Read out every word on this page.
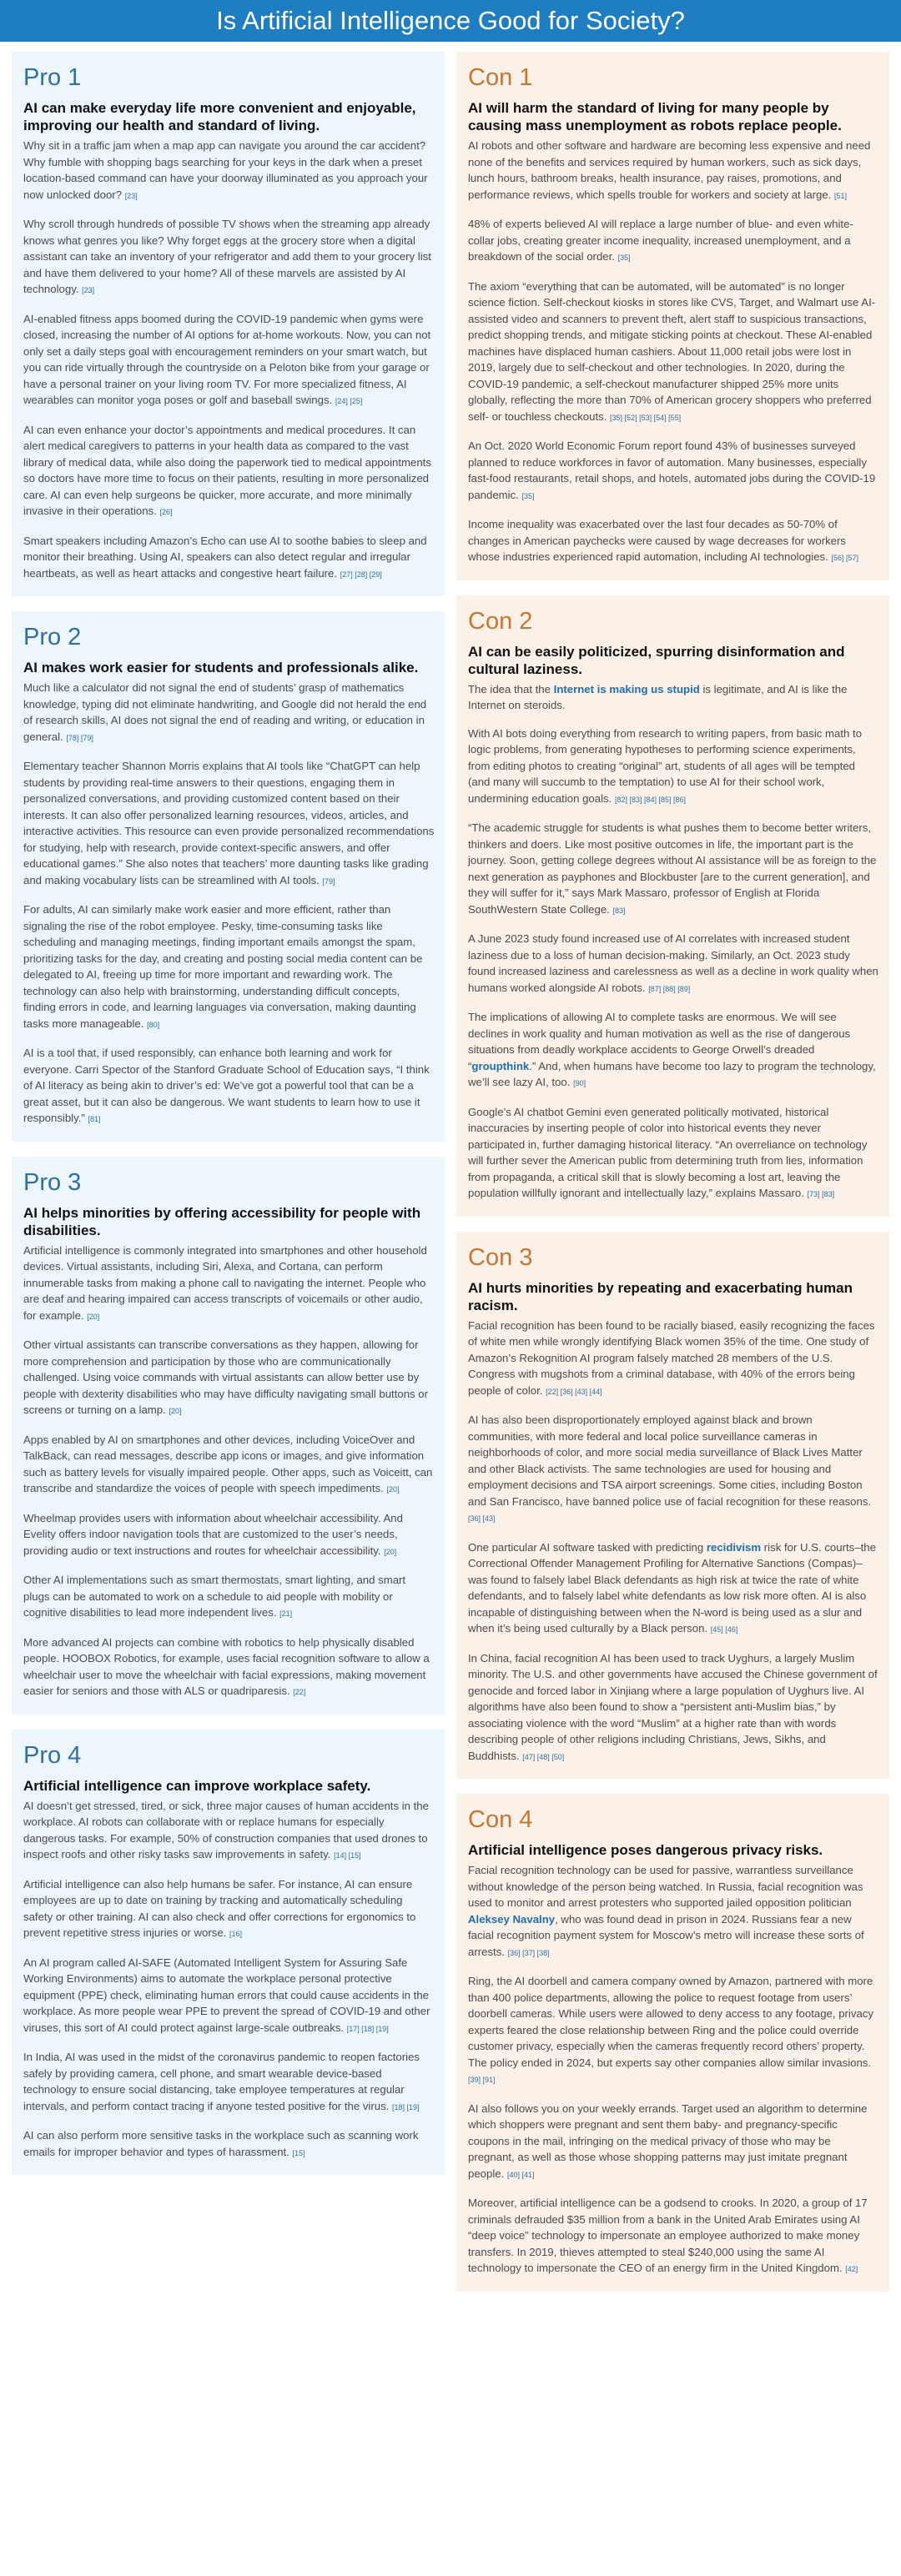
Is Artificial Intelligence Good for Society?
Pro 1
AI can make everyday life more convenient and enjoyable, improving our health and standard of living.

Why sit in a traffic jam when a map app can navigate you around the car accident? Why fumble with shopping bags searching for your keys in the dark when a preset location-based command can have your doorway illuminated as you approach your now unlocked door? [23]

Why scroll through hundreds of possible TV shows when the streaming app already knows what genres you like? Why forget eggs at the grocery store when a digital assistant can take an inventory of your refrigerator and add them to your grocery list and have them delivered to your home? All of these marvels are assisted by AI technology. [23]

AI-enabled fitness apps boomed during the COVID-19 pandemic when gyms were closed, increasing the number of AI options for at-home workouts. Now, you can not only set a daily steps goal with encouragement reminders on your smart watch, but you can ride virtually through the countryside on a Peloton bike from your garage or have a personal trainer on your living room TV. For more specialized fitness, AI wearables can monitor yoga poses or golf and baseball swings. [24] [25]

AI can even enhance your doctor’s appointments and medical procedures. It can alert medical caregivers to patterns in your health data as compared to the vast library of medical data, while also doing the paperwork tied to medical appointments so doctors have more time to focus on their patients, resulting in more personalized care. AI can even help surgeons be quicker, more accurate, and more minimally invasive in their operations. [26]

Smart speakers including Amazon’s Echo can use AI to soothe babies to sleep and monitor their breathing. Using AI, speakers can also detect regular and irregular heartbeats, as well as heart attacks and congestive heart failure. [27] [28] [29]

Pro 2
AI makes work easier for students and professionals alike.

Much like a calculator did not signal the end of students’ grasp of mathematics knowledge, typing did not eliminate handwriting, and Google did not herald the end of research skills, AI does not signal the end of reading and writing, or education in general. [78] [79]

Elementary teacher Shannon Morris explains that AI tools like “ChatGPT can help students by providing real-time answers to their questions, engaging them in personalized conversations, and providing customized content based on their interests. It can also offer personalized learning resources, videos, articles, and interactive activities. This resource can even provide personalized recommendations for studying, help with research, provide context-specific answers, and offer educational games.” She also notes that teachers’ more daunting tasks like grading and making vocabulary lists can be streamlined with AI tools. [79]

For adults, AI can similarly make work easier and more efficient, rather than signaling the rise of the robot employee. Pesky, time-consuming tasks like scheduling and managing meetings, finding important emails amongst the spam, prioritizing tasks for the day, and creating and posting social media content can be delegated to AI, freeing up time for more important and rewarding work. The technology can also help with brainstorming, understanding difficult concepts, finding errors in code, and learning languages via conversation, making daunting tasks more manageable. [80]

AI is a tool that, if used responsibly, can enhance both learning and work for everyone. Carri Spector of the Stanford Graduate School of Education says, “I think of AI literacy as being akin to driver’s ed: We’ve got a powerful tool that can be a great asset, but it can also be dangerous. We want students to learn how to use it responsibly.” [81]

Pro 3
AI helps minorities by offering accessibility for people with disabilities.

Artificial intelligence is commonly integrated into smartphones and other household devices. Virtual assistants, including Siri, Alexa, and Cortana, can perform innumerable tasks from making a phone call to navigating the internet. People who are deaf and hearing impaired can access transcripts of voicemails or other audio, for example. [20]

Other virtual assistants can transcribe conversations as they happen, allowing for more comprehension and participation by those who are communicationally challenged. Using voice commands with virtual assistants can allow better use by people with dexterity disabilities who may have difficulty navigating small buttons or screens or turning on a lamp. [20]

Apps enabled by AI on smartphones and other devices, including VoiceOver and TalkBack, can read messages, describe app icons or images, and give information such as battery levels for visually impaired people. Other apps, such as Voiceitt, can transcribe and standardize the voices of people with speech impediments. [20]

Wheelmap provides users with information about wheelchair accessibility. And Evelity offers indoor navigation tools that are customized to the user’s needs, providing audio or text instructions and routes for wheelchair accessibility. [20]

Other AI implementations such as smart thermostats, smart lighting, and smart plugs can be automated to work on a schedule to aid people with mobility or cognitive disabilities to lead more independent lives. [21]

More advanced AI projects can combine with robotics to help physically disabled people. HOOBOX Robotics, for example, uses facial recognition software to allow a wheelchair user to move the wheelchair with facial expressions, making movement easier for seniors and those with ALS or quadriparesis. [22]

Pro 4
Artificial intelligence can improve workplace safety.

AI doesn’t get stressed, tired, or sick, three major causes of human accidents in the workplace. AI robots can collaborate with or replace humans for especially dangerous tasks. For example, 50% of construction companies that used drones to inspect roofs and other risky tasks saw improvements in safety. [14] [15]

Artificial intelligence can also help humans be safer. For instance, AI can ensure employees are up to date on training by tracking and automatically scheduling safety or other training. AI can also check and offer corrections for ergonomics to prevent repetitive stress injuries or worse. [16]

An AI program called AI-SAFE (Automated Intelligent System for Assuring Safe Working Environments) aims to automate the workplace personal protective equipment (PPE) check, eliminating human errors that could cause accidents in the workplace. As more people wear PPE to prevent the spread of COVID-19 and other viruses, this sort of AI could protect against large-scale outbreaks. [17] [18] [19]

In India, AI was used in the midst of the coronavirus pandemic to reopen factories safely by providing camera, cell phone, and smart wearable device-based technology to ensure social distancing, take employee temperatures at regular intervals, and perform contact tracing if anyone tested positive for the virus. [18] [19]

AI can also perform more sensitive tasks in the workplace such as scanning work emails for improper behavior and types of harassment. [15]

Con 1
AI will harm the standard of living for many people by causing mass unemployment as robots replace people.

AI robots and other software and hardware are becoming less expensive and need none of the benefits and services required by human workers, such as sick days, lunch hours, bathroom breaks, health insurance, pay raises, promotions, and performance reviews, which spells trouble for workers and society at large. [51]

48% of experts believed AI will replace a large number of blue- and even white-collar jobs, creating greater income inequality, increased unemployment, and a breakdown of the social order. [35]

The axiom “everything that can be automated, will be automated” is no longer science fiction. Self-checkout kiosks in stores like CVS, Target, and Walmart use AI-assisted video and scanners to prevent theft, alert staff to suspicious transactions, predict shopping trends, and mitigate sticking points at checkout. These AI-enabled machines have displaced human cashiers. About 11,000 retail jobs were lost in 2019, largely due to self-checkout and other technologies. In 2020, during the COVID-19 pandemic, a self-checkout manufacturer shipped 25% more units globally, reflecting the more than 70% of American grocery shoppers who preferred self- or touchless checkouts. [35] [52] [53] [54] [55]

An Oct. 2020 World Economic Forum report found 43% of businesses surveyed planned to reduce workforces in favor of automation. Many businesses, especially fast-food restaurants, retail shops, and hotels, automated jobs during the COVID-19 pandemic. [35]

Income inequality was exacerbated over the last four decades as 50-70% of changes in American paychecks were caused by wage decreases for workers whose industries experienced rapid automation, including AI technologies. [56] [57]

Con 2
AI can be easily politicized, spurring disinformation and cultural laziness.

The idea that the Internet is making us stupid is legitimate, and AI is like the Internet on steroids.

With AI bots doing everything from research to writing papers, from basic math to logic problems, from generating hypotheses to performing science experiments, from editing photos to creating “original” art, students of all ages will be tempted (and many will succumb to the temptation) to use AI for their school work, undermining education goals. [82] [83] [84] [85] [86]

“The academic struggle for students is what pushes them to become better writers, thinkers and doers. Like most positive outcomes in life, the important part is the journey. Soon, getting college degrees without AI assistance will be as foreign to the next generation as payphones and Blockbuster [are to the current generation], and they will suffer for it,” says Mark Massaro, professor of English at Florida SouthWestern State College. [83]

A June 2023 study found increased use of AI correlates with increased student laziness due to a loss of human decision-making. Similarly, an Oct. 2023 study found increased laziness and carelessness as well as a decline in work quality when humans worked alongside AI robots. [87] [88] [89]

The implications of allowing AI to complete tasks are enormous. We will see declines in work quality and human motivation as well as the rise of dangerous situations from deadly workplace accidents to George Orwell’s dreaded “groupthink.” And, when humans have become too lazy to program the technology, we’ll see lazy AI, too. [90]

Google’s AI chatbot Gemini even generated politically motivated, historical inaccuracies by inserting people of color into historical events they never participated in, further damaging historical literacy. “An overreliance on technology will further sever the American public from determining truth from lies, information from propaganda, a critical skill that is slowly becoming a lost art, leaving the population willfully ignorant and intellectually lazy,” explains Massaro. [73] [83]

Con 3
AI hurts minorities by repeating and exacerbating human racism.

Facial recognition has been found to be racially biased, easily recognizing the faces of white men while wrongly identifying Black women 35% of the time. One study of Amazon’s Rekognition AI program falsely matched 28 members of the U.S. Congress with mugshots from a criminal database, with 40% of the errors being people of color. [22] [36] [43] [44]

AI has also been disproportionately employed against black and brown communities, with more federal and local police surveillance cameras in neighborhoods of color, and more social media surveillance of Black Lives Matter and other Black activists. The same technologies are used for housing and employment decisions and TSA airport screenings. Some cities, including Boston and San Francisco, have banned police use of facial recognition for these reasons. [36] [43]

One particular AI software tasked with predicting recidivism risk for U.S. courts–the Correctional Offender Management Profiling for Alternative Sanctions (Compas)–was found to falsely label Black defendants as high risk at twice the rate of white defendants, and to falsely label white defendants as low risk more often. AI is also incapable of distinguishing between when the N-word is being used as a slur and when it’s being used culturally by a Black person. [45] [46]

In China, facial recognition AI has been used to track Uyghurs, a largely Muslim minority. The U.S. and other governments have accused the Chinese government of genocide and forced labor in Xinjiang where a large population of Uyghurs live. AI algorithms have also been found to show a “persistent anti-Muslim bias,” by associating violence with the word “Muslim” at a higher rate than with words describing people of other religions including Christians, Jews, Sikhs, and Buddhists. [47] [48] [50]

Con 4
Artificial intelligence poses dangerous privacy risks.

Facial recognition technology can be used for passive, warrantless surveillance without knowledge of the person being watched. In Russia, facial recognition was used to monitor and arrest protesters who supported jailed opposition politician Aleksey Navalny, who was found dead in prison in 2024. Russians fear a new facial recognition payment system for Moscow’s metro will increase these sorts of arrests. [36] [37] [38]

Ring, the AI doorbell and camera company owned by Amazon, partnered with more than 400 police departments, allowing the police to request footage from users’ doorbell cameras. While users were allowed to deny access to any footage, privacy experts feared the close relationship between Ring and the police could override customer privacy, especially when the cameras frequently record others’ property. The policy ended in 2024, but experts say other companies allow similar invasions. [39] [91]

AI also follows you on your weekly errands. Target used an algorithm to determine which shoppers were pregnant and sent them baby- and pregnancy-specific coupons in the mail, infringing on the medical privacy of those who may be pregnant, as well as those whose shopping patterns may just imitate pregnant people. [40] [41]

Moreover, artificial intelligence can be a godsend to crooks. In 2020, a group of 17 criminals defrauded $35 million from a bank in the United Arab Emirates using AI “deep voice” technology to impersonate an employee authorized to make money transfers. In 2019, thieves attempted to steal $240,000 using the same AI technology to impersonate the CEO of an energy firm in the United Kingdom. [42]
